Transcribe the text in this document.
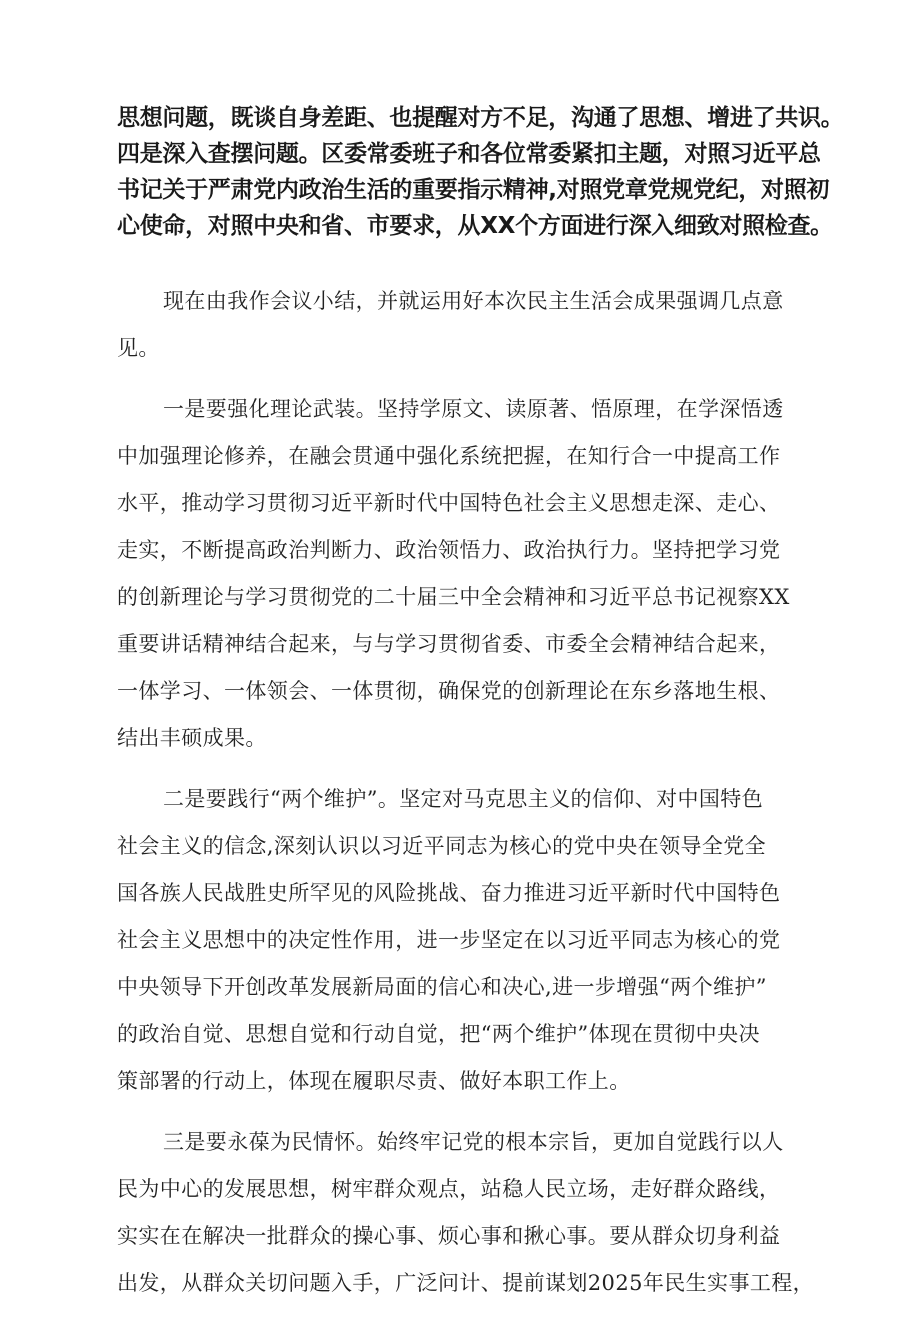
思想问题，既谈自身差距、也提醒对方不足，沟通了思想、增进了共识。
四是深入查摆问题。区委常委班子和各位常委紧扣主题，对照习近平总
书记关于严肃党内政治生活的重要指示精神,对照党章党规党纪，对照初
心使命，对照中央和省、市要求，从XX个方面进行深入细致对照检查。

现在由我作会议小结，并就运用好本次民主生活会成果强调几点意
见。

一是要强化理论武装。坚持学原文、读原著、悟原理，在学深悟透
中加强理论修养，在融会贯通中强化系统把握，在知行合一中提高工作
水平，推动学习贯彻习近平新时代中国特色社会主义思想走深、走心、
走实，不断提高政治判断力、政治领悟力、政治执行力。坚持把学习党
的创新理论与学习贯彻党的二十届三中全会精神和习近平总书记视察XX
重要讲话精神结合起来，与与学习贯彻省委、市委全会精神结合起来，
一体学习、一体领会、一体贯彻，确保党的创新理论在东乡落地生根、
结出丰硕成果。

二是要践行“两个维护”。坚定对马克思主义的信仰、对中国特色
社会主义的信念,深刻认识以习近平同志为核心的党中央在领导全党全
国各族人民战胜史所罕见的风险挑战、奋力推进习近平新时代中国特色
社会主义思想中的决定性作用，进一步坚定在以习近平同志为核心的党
中央领导下开创改革发展新局面的信心和决心,进一步增强“两个维护”
的政治自觉、思想自觉和行动自觉，把“两个维护”体现在贯彻中央决
策部署的行动上，体现在履职尽责、做好本职工作上。

三是要永葆为民情怀。始终牢记党的根本宗旨，更加自觉践行以人
民为中心的发展思想，树牢群众观点，站稳人民立场，走好群众路线，
实实在在解决一批群众的操心事、烦心事和揪心事。要从群众切身利益
出发，从群众关切问题入手，广泛问计、提前谋划2025年民生实事工程，
